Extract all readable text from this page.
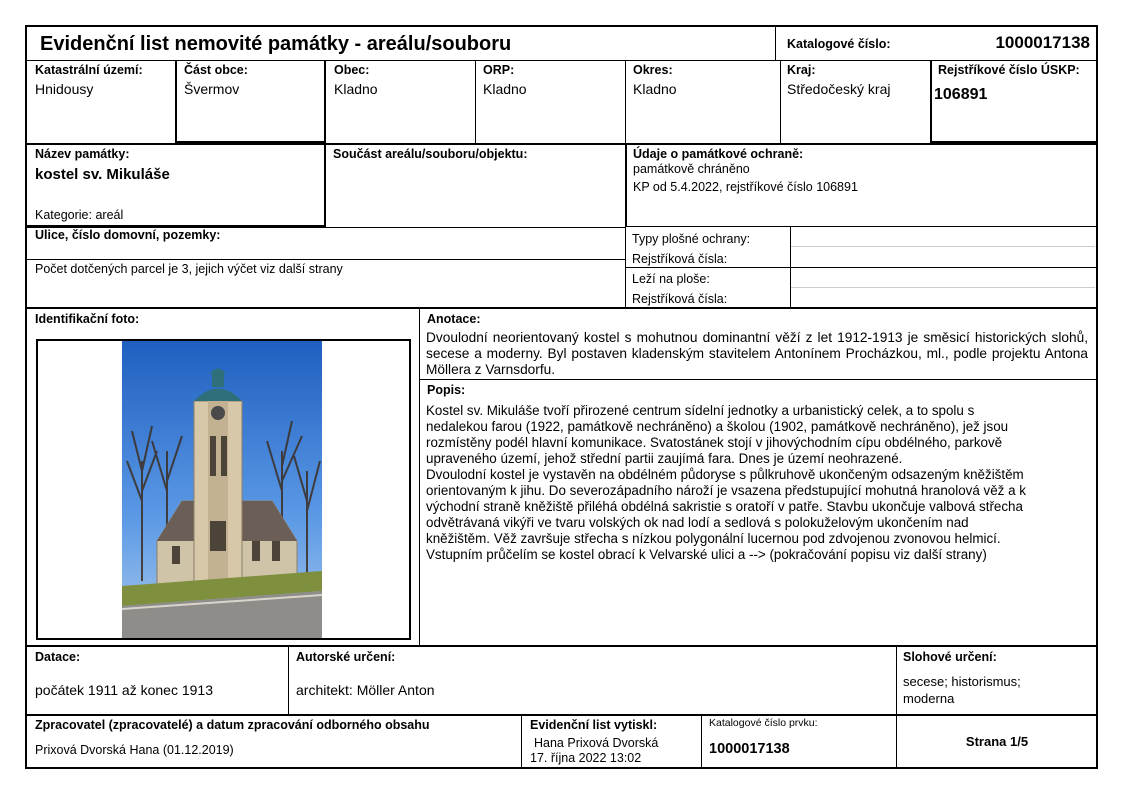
Evidenční list nemovité památky - areálu/souboru	Katalogové číslo:	1000017138
Katastrální území:
Hnidousy
Část obce:
Švermov
Obec:
Kladno
ORP:
Kladno
Okres:
Kladno
Kraj:
Středočeský kraj
Rejstříkové číslo ÚSKP:
106891
Název památky:
kostel sv. Mikuláše
Kategorie: areál
Součást areálu/souboru/objektu:	Údaje o památkové ochraně:
památkově chráněno
KP od 5.4.2022, rejstříkové číslo 106891
Ulice, číslo domovní, pozemky:
Počet dotčených parcel je 3, jejich výčet viz další strany
Typy plošné ochrany:
Rejstříková čísla:
Leží na ploše:
Rejstříková čísla:
Identifikační foto:	Anotace:
Dvoulodní neorientovaný kostel s mohutnou dominantní věží z let 1912-1913 je směsicí historických slohů, secese a moderny. Byl postaven kladenským stavitelem Antonínem Procházkou, ml., podle projektu Antona Möllera z Varnsdorfu.
Popis:
Kostel sv. Mikuláše tvoří přirozené centrum sídelní jednotky a urbanistický celek, a to spolu s
nedalekou farou (1922, památkově nechráněno) a školou (1902, památkově nechráněno), jež jsou
rozmístěny podél hlavní komunikace. Svatostánek stojí v jihovýchodním cípu obdélného, parkově
upraveného území, jehož střední partii zaujímá fara. Dnes je území neohrazené.
Dvoulodní kostel je vystavěn na obdélném půdoryse s půlkruhově ukončeným odsazeným kněžištěm
orientovaným k jihu. Do severozápadního nároží je vsazena předstupující mohutná hranolová věž a k
východní straně kněžiště přiléhá obdélná sakristie s oratoří v patře. Stavbu ukončuje valbová střecha
odvětrávaná vikýři ve tvaru volských ok nad lodí a sedlová s polokuželovým ukončením nad
kněžištěm. Věž završuje střecha s nízkou polygonální lucernou pod zdvojenou zvonovou helmicí.
Vstupním průčelím se kostel obrací k Velvarské ulici a --> (pokračování popisu viz další strany)
Datace:
počátek 1911 až konec 1913
Autorské určení:
architekt: Möller Anton
Slohové určení:
secese; historismus;
moderna
Zpracovatel (zpracovatelé) a datum zpracování odborného obsahu
Prixová Dvorská Hana (01.12.2019)
Evidenční list vytiskl:
Hana Prixová Dvorská
17. října 2022 13:02
Katalogové číslo prvku:
1000017138	Strana 1/5
